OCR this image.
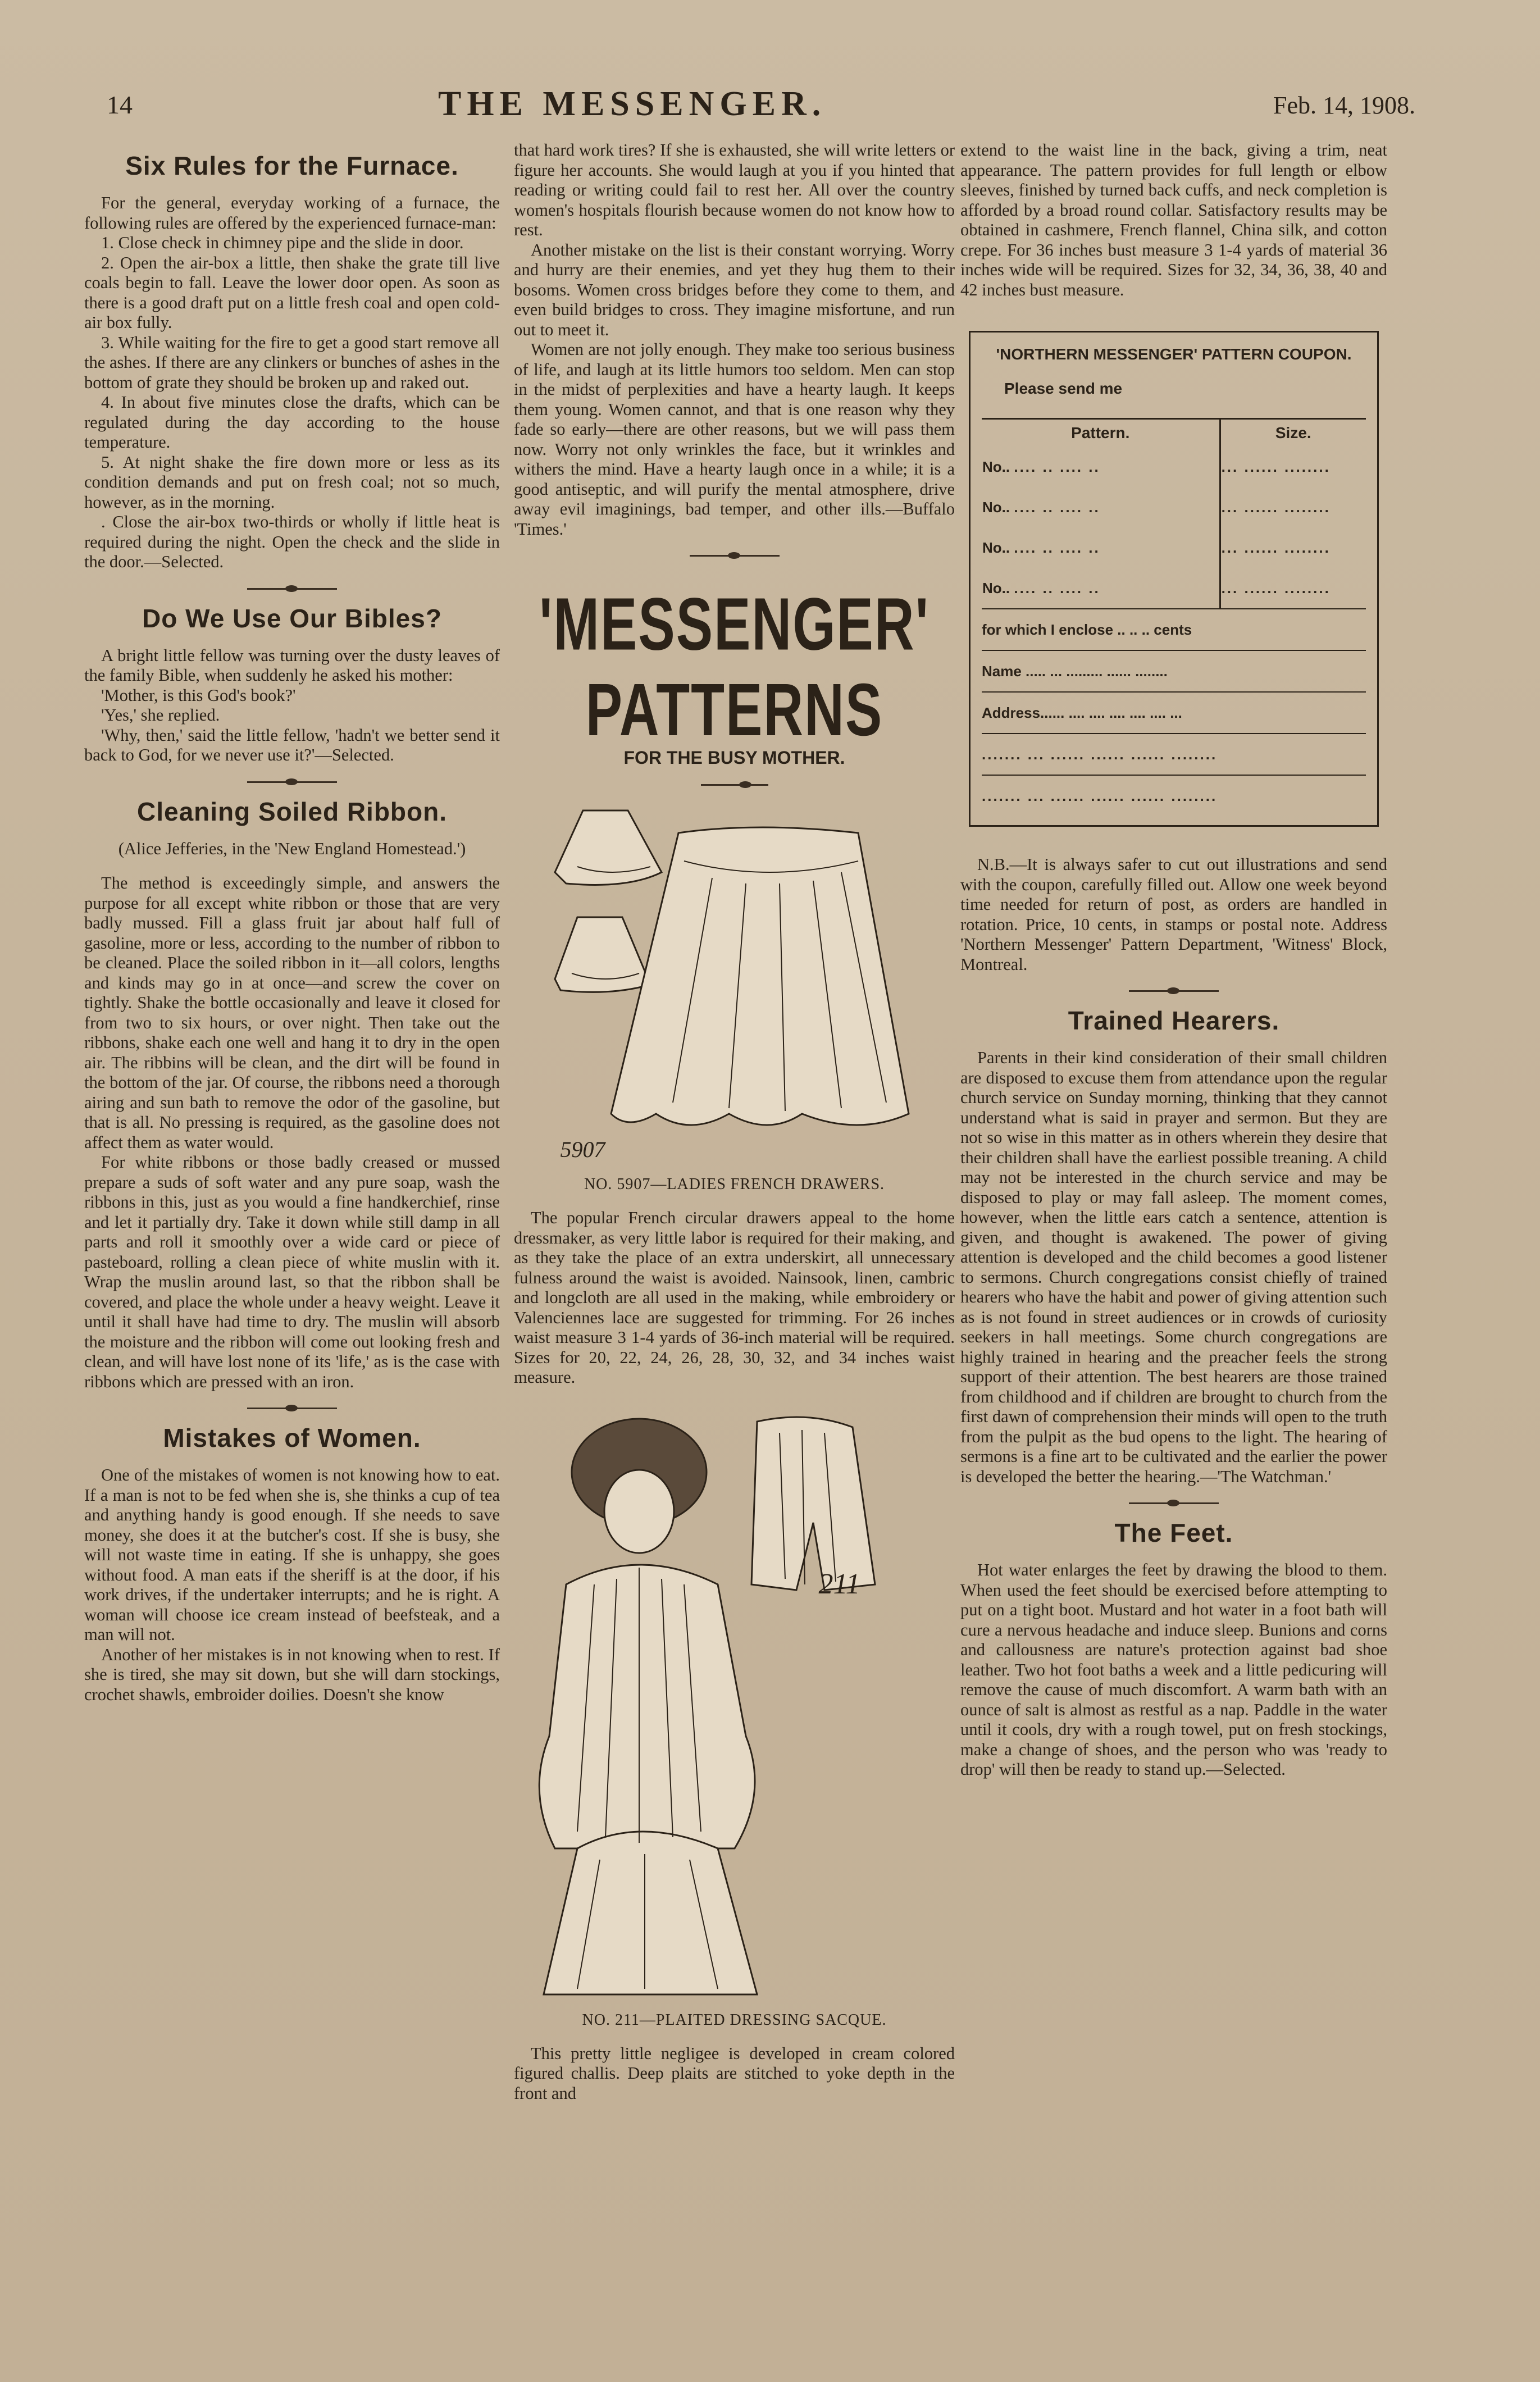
14	THE MESSENGER.	Feb. 14, 1908.
Six Rules for the Furnace.

For the general, everyday working of a furnace, the following rules are offered by the experienced furnace-man:

1. Close check in chimney pipe and the slide in door.

2. Open the air-box a little, then shake the grate till live coals begin to fall. Leave the lower door open. As soon as there is a good draft put on a little fresh coal and open cold-air box fully.

3. While waiting for the fire to get a good start remove all the ashes. If there are any clinkers or bunches of ashes in the bottom of grate they should be broken up and raked out.

4. In about five minutes close the drafts, which can be regulated during the day according to the house temperature.

5. At night shake the fire down more or less as its condition demands and put on fresh coal; not so much, however, as in the morning.

. Close the air-box two-thirds or wholly if little heat is required during the night. Open the check and the slide in the door.—Selected.

Do We Use Our Bibles?

A bright little fellow was turning over the dusty leaves of the family Bible, when suddenly he asked his mother:

'Mother, is this God's book?'

'Yes,' she replied.

'Why, then,' said the little fellow, 'hadn't we better send it back to God, for we never use it?'—Selected.

Cleaning Soiled Ribbon.

(Alice Jefferies, in the 'New England Homestead.')

The method is exceedingly simple, and answers the purpose for all except white ribbon or those that are very badly mussed. Fill a glass fruit jar about half full of gasoline, more or less, according to the number of ribbon to be cleaned. Place the soiled ribbon in it—all colors, lengths and kinds may go in at once—and screw the cover on tightly. Shake the bottle occasionally and leave it closed for from two to six hours, or over night. Then take out the ribbons, shake each one well and hang it to dry in the open air. The ribbins will be clean, and the dirt will be found in the bottom of the jar. Of course, the ribbons need a thorough airing and sun bath to remove the odor of the gasoline, but that is all. No pressing is required, as the gasoline does not affect them as water would.

For white ribbons or those badly creased or mussed prepare a suds of soft water and any pure soap, wash the ribbons in this, just as you would a fine handkerchief, rinse and let it partially dry. Take it down while still damp in all parts and roll it smoothly over a wide card or piece of pasteboard, rolling a clean piece of white muslin with it. Wrap the muslin around last, so that the ribbon shall be covered, and place the whole under a heavy weight. Leave it until it shall have had time to dry. The muslin will absorb the moisture and the ribbon will come out looking fresh and clean, and will have lost none of its 'life,' as is the case with ribbons which are pressed with an iron.

Mistakes of Women.

One of the mistakes of women is not knowing how to eat. If a man is not to be fed when she is, she thinks a cup of tea and anything handy is good enough. If she needs to save money, she does it at the butcher's cost. If she is busy, she will not waste time in eating. If she is unhappy, she goes without food. A man eats if the sheriff is at the door, if his work drives, if the undertaker interrupts; and he is right. A woman will choose ice cream instead of beefsteak, and a man will not.

Another of her mistakes is in not knowing when to rest. If she is tired, she may sit down, but she will darn stockings, crochet shawls, embroider doilies. Doesn't she know

that hard work tires? If she is exhausted, she will write letters or figure her accounts. She would laugh at you if you hinted that reading or writing could fail to rest her. All over the country women's hospitals flourish because women do not know how to rest.

Another mistake on the list is their constant worrying. Worry and hurry are their enemies, and yet they hug them to their bosoms. Women cross bridges before they come to them, and even build bridges to cross. They imagine misfortune, and run out to meet it.

Women are not jolly enough. They make too serious business of life, and laugh at its little humors too seldom. Men can stop in the midst of perplexities and have a hearty laugh. It keeps them young. Women cannot, and that is one reason why they fade so early—there are other reasons, but we will pass them now. Worry not only wrinkles the face, but it wrinkles and withers the mind. Have a hearty laugh once in a while; it is a good antiseptic, and will purify the mental atmosphere, drive away evil imaginings, bad temper, and other ills.—Buffalo 'Times.'

'MESSENGER' PATTERNS
FOR THE BUSY MOTHER.
5907
NO. 5907—LADIES FRENCH DRAWERS.

The popular French circular drawers appeal to the home dressmaker, as very little labor is required for their making, and as they take the place of an extra underskirt, all unnecessary fulness around the waist is avoided. Nainsook, linen, cambric and longcloth are all used in the making, while embroidery or Valenciennes lace are suggested for trimming. For 26 inches waist measure 3 1-4 yards of 36-inch material will be required. Sizes for 20, 22, 24, 26, 28, 30, 32, and 34 inches waist measure.

211
NO. 211—PLAITED DRESSING SACQUE.

This pretty little negligee is developed in cream colored figured challis. Deep plaits are stitched to yoke depth in the front and

extend to the waist line in the back, giving a trim, neat appearance. The pattern provides for full length or elbow sleeves, finished by turned back cuffs, and neck completion is afforded by a broad round collar. Satisfactory results may be obtained in cashmere, French flannel, China silk, and cotton crepe. For 36 inches bust measure 3 1-4 yards of material 36 inches wide will be required. Sizes for 32, 34, 36, 38, 40 and 42 inches bust measure.

'NORTHERN MESSENGER' PATTERN COUPON.
Please send me
Pattern.	Size.
No.. .... .. .... ..	... ...... ........
No.. .... .. .... ..	... ...... ........
No.. .... .. .... ..	... ...... ........
No.. .... .. .... ..	... ...... ........
for which I enclose .. .. .. cents
Name ..... ... ......... ...... ........
Address...... .... .... .... .... .... ...
....... ... ...... ...... ...... ........
....... ... ...... ...... ...... ........

N.B.—It is always safer to cut out illustrations and send with the coupon, carefully filled out. Allow one week beyond time needed for return of post, as orders are handled in rotation. Price, 10 cents, in stamps or postal note. Address 'Northern Messenger' Pattern Department, 'Witness' Block, Montreal.

Trained Hearers.

Parents in their kind consideration of their small children are disposed to excuse them from attendance upon the regular church service on Sunday morning, thinking that they cannot understand what is said in prayer and sermon. But they are not so wise in this matter as in others wherein they desire that their children shall have the earliest possible treaning. A child may not be interested in the church service and may be disposed to play or may fall asleep. The moment comes, however, when the little ears catch a sentence, attention is given, and thought is awakened. The power of giving attention is developed and the child becomes a good listener to sermons. Church congregations consist chiefly of trained hearers who have the habit and power of giving attention such as is not found in street audiences or in crowds of curiosity seekers in hall meetings. Some church congregations are highly trained in hearing and the preacher feels the strong support of their attention. The best hearers are those trained from childhood and if children are brought to church from the first dawn of comprehension their minds will open to the truth from the pulpit as the bud opens to the light. The hearing of sermons is a fine art to be cultivated and the earlier the power is developed the better the hearing.—'The Watchman.'

The Feet.

Hot water enlarges the feet by drawing the blood to them. When used the feet should be exercised before attempting to put on a tight boot. Mustard and hot water in a foot bath will cure a nervous headache and induce sleep. Bunions and corns and callousness are nature's protection against bad shoe leather. Two hot foot baths a week and a little pedicuring will remove the cause of much discomfort. A warm bath with an ounce of salt is almost as restful as a nap. Paddle in the water until it cools, dry with a rough towel, put on fresh stockings, make a change of shoes, and the person who was 'ready to drop' will then be ready to stand up.—Selected.
